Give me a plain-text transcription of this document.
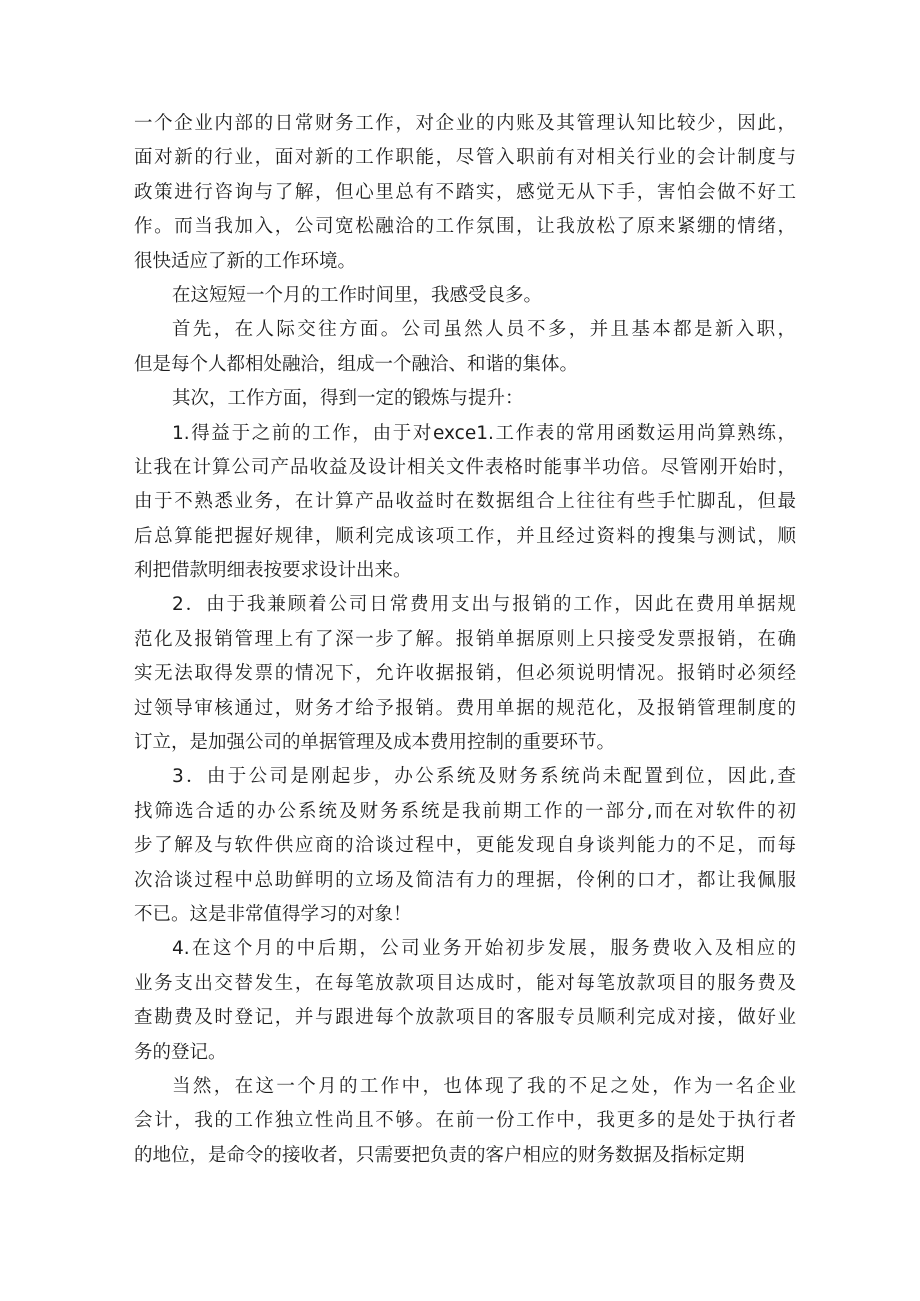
一个企业内部的日常财务工作，对企业的内账及其管理认知比较少，因此，
面对新的行业，面对新的工作职能，尽管入职前有对相关行业的会计制度与
政策进行咨询与了解，但心里总有不踏实，感觉无从下手，害怕会做不好工
作。而当我加入，公司宽松融洽的工作氛围，让我放松了原来紧绷的情绪，
很快适应了新的工作环境。
在这短短一个月的工作时间里，我感受良多。
首先，在人际交往方面。公司虽然人员不多，并且基本都是新入职，
但是每个人都相处融洽，组成一个融洽、和谐的集体。
其次，工作方面，得到一定的锻炼与提升：
1.得益于之前的工作，由于对exce1.工作表的常用函数运用尚算熟练，
让我在计算公司产品收益及设计相关文件表格时能事半功倍。尽管刚开始时，
由于不熟悉业务，在计算产品收益时在数据组合上往往有些手忙脚乱，但最
后总算能把握好规律，顺利完成该项工作，并且经过资料的搜集与测试，顺
利把借款明细表按要求设计出来。
2．由于我兼顾着公司日常费用支出与报销的工作，因此在费用单据规
范化及报销管理上有了深一步了解。报销单据原则上只接受发票报销，在确
实无法取得发票的情况下，允许收据报销，但必须说明情况。报销时必须经
过领导审核通过，财务才给予报销。费用单据的规范化，及报销管理制度的
订立，是加强公司的单据管理及成本费用控制的重要环节。
3．由于公司是刚起步，办公系统及财务系统尚未配置到位，因此,查
找筛选合适的办公系统及财务系统是我前期工作的一部分,而在对软件的初
步了解及与软件供应商的洽谈过程中，更能发现自身谈判能力的不足，而每
次洽谈过程中总助鲜明的立场及简洁有力的理据，伶俐的口才，都让我佩服
不已。这是非常值得学习的对象！
4.在这个月的中后期，公司业务开始初步发展，服务费收入及相应的
业务支出交替发生，在每笔放款项目达成时，能对每笔放款项目的服务费及
查勘费及时登记，并与跟进每个放款项目的客服专员顺利完成对接，做好业
务的登记。
当然，在这一个月的工作中，也体现了我的不足之处，作为一名企业
会计，我的工作独立性尚且不够。在前一份工作中，我更多的是处于执行者
的地位，是命令的接收者，只需要把负责的客户相应的财务数据及指标定期
